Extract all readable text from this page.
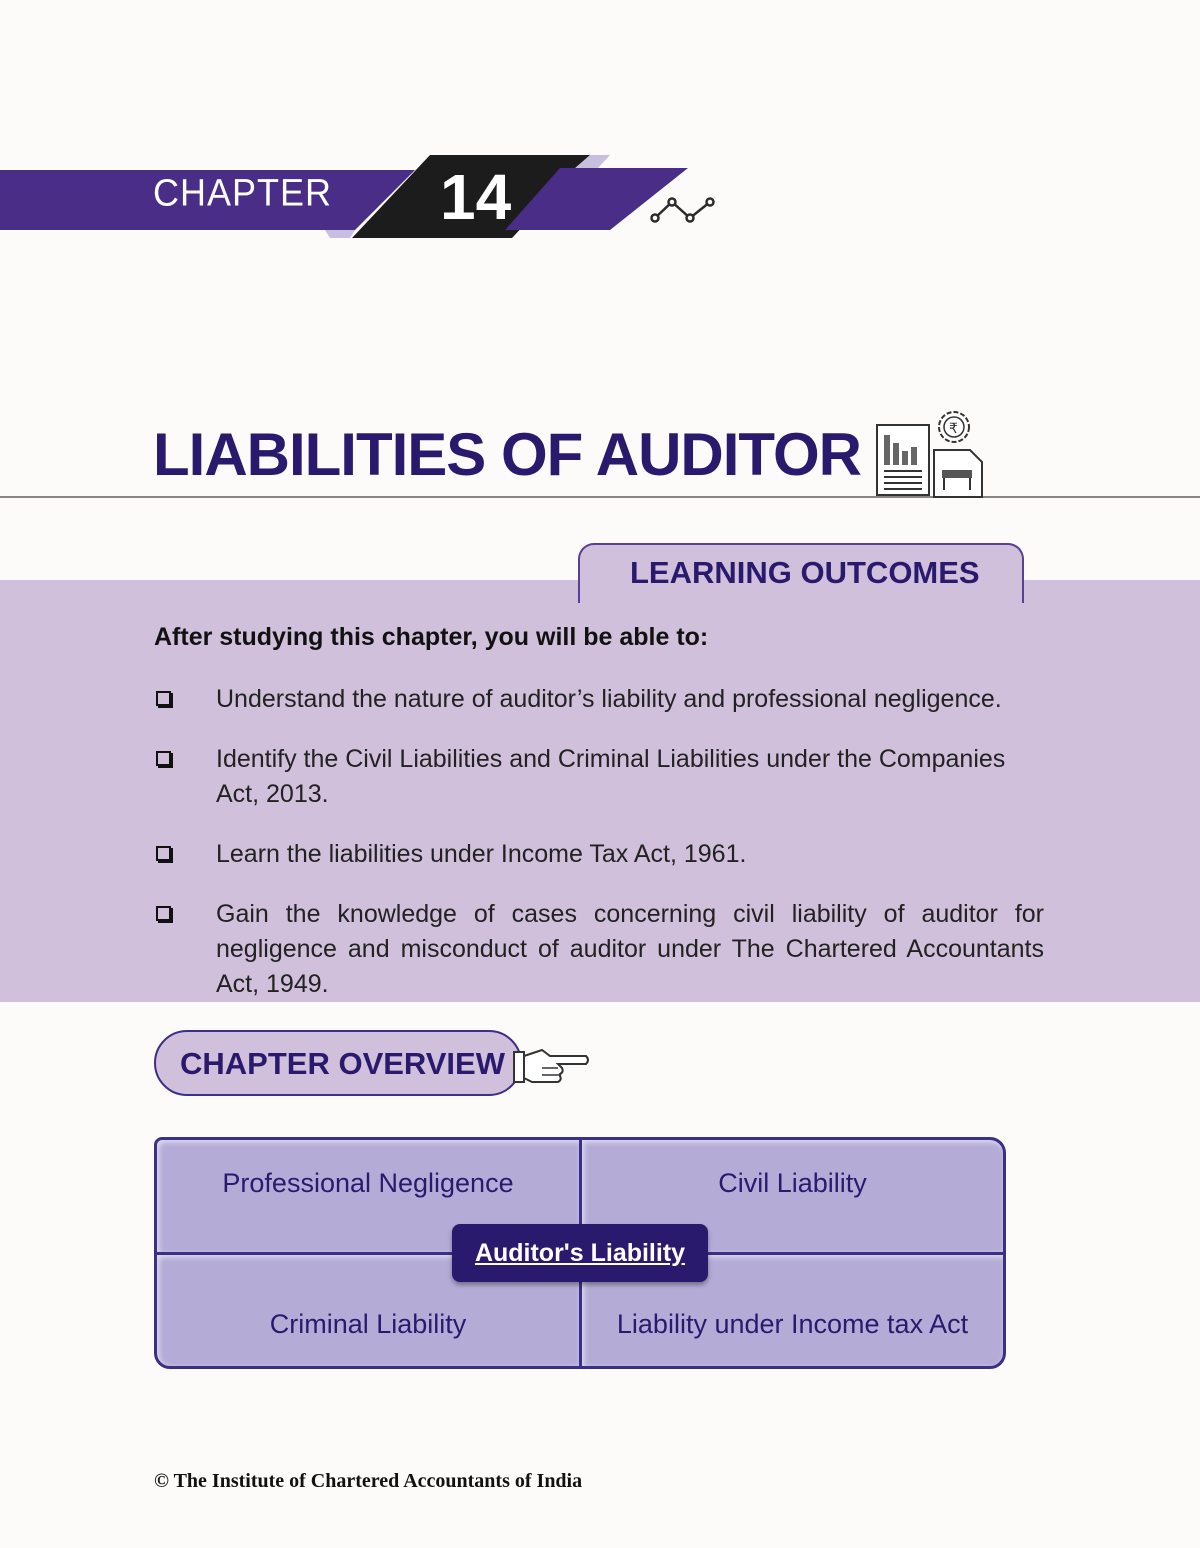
CHAPTER 14
LIABILITIES OF AUDITOR	₹
LEARNING OUTCOMES
After studying this chapter, you will be able to:
Understand the nature of auditor’s liability and professional negligence.
Identify the Civil Liabilities and Criminal Liabilities under the Companies Act, 2013.
Learn the liabilities under Income Tax Act, 1961.
Gain the knowledge of cases concerning civil liability of auditor for negligence and misconduct of auditor under The Chartered Accountants Act, 1949.
CHAPTER OVERVIEW
Professional Negligence	Civil Liability
Criminal Liability	Liability under Income tax Act
Auditor's Liability
© The Institute of Chartered Accountants of India
